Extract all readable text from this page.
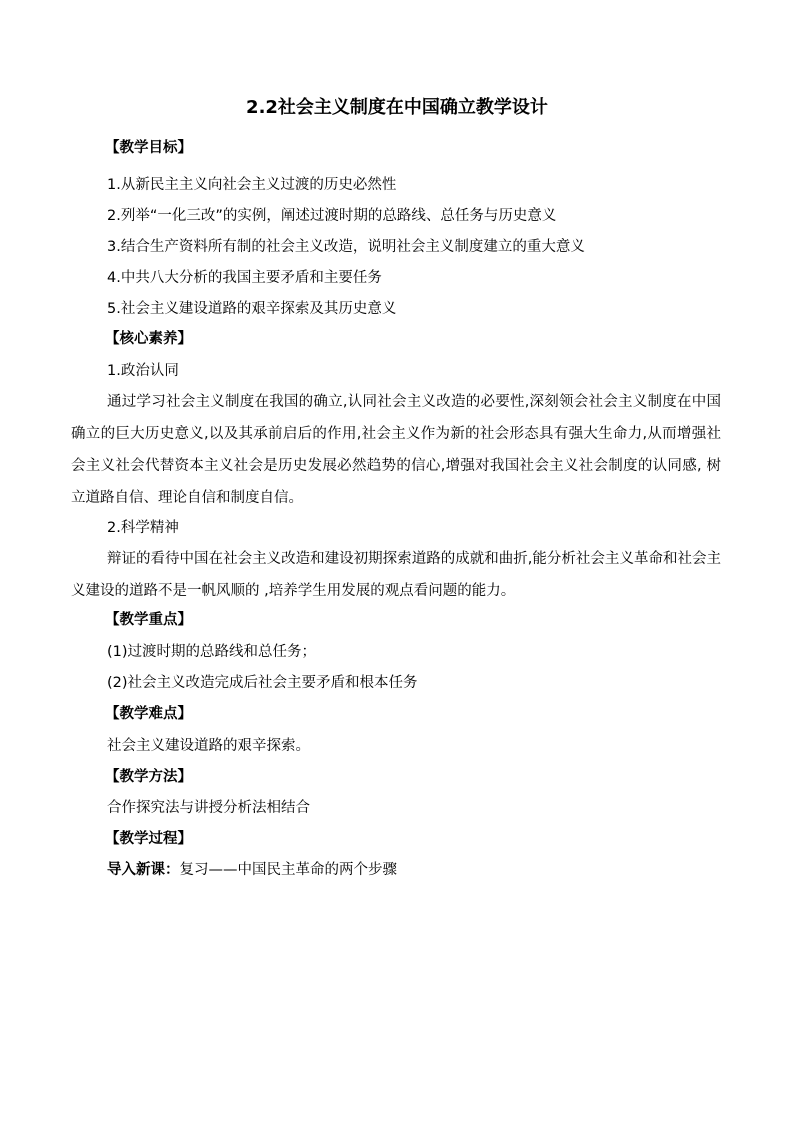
2.2社会主义制度在中国确立教学设计
【教学目标】
1.从新民主主义向社会主义过渡的历史必然性
2.列举“一化三改”的实例，阐述过渡时期的总路线、总任务与历史意义
3.结合生产资料所有制的社会主义改造，说明社会主义制度建立的重大意义
4.中共八大分析的我国主要矛盾和主要任务
5.社会主义建设道路的艰辛探索及其历史意义
【核心素养】
1.政治认同
通过学习社会主义制度在我国的确立,认同社会主义改造的必要性,深刻领会社会主义制度在中国确立的巨大历史意义,以及其承前启后的作用,社会主义作为新的社会形态具有强大生命力,从而增强社会主义社会代替资本主义社会是历史发展必然趋势的信心,增强对我国社会主义社会制度的认同感, 树立道路自信、理论自信和制度自信。
2.科学精神
辩证的看待中国在社会主义改造和建设初期探索道路的成就和曲折,能分析社会主义革命和社会主义建设的道路不是一帆风顺的 ,培养学生用发展的观点看问题的能力。
【教学重点】
(1)过渡时期的总路线和总任务；
(2)社会主义改造完成后社会主要矛盾和根本任务
【教学难点】
社会主义建设道路的艰辛探索。
【教学方法】
合作探究法与讲授分析法相结合
【教学过程】
导入新课：复习——中国民主革命的两个步骤
